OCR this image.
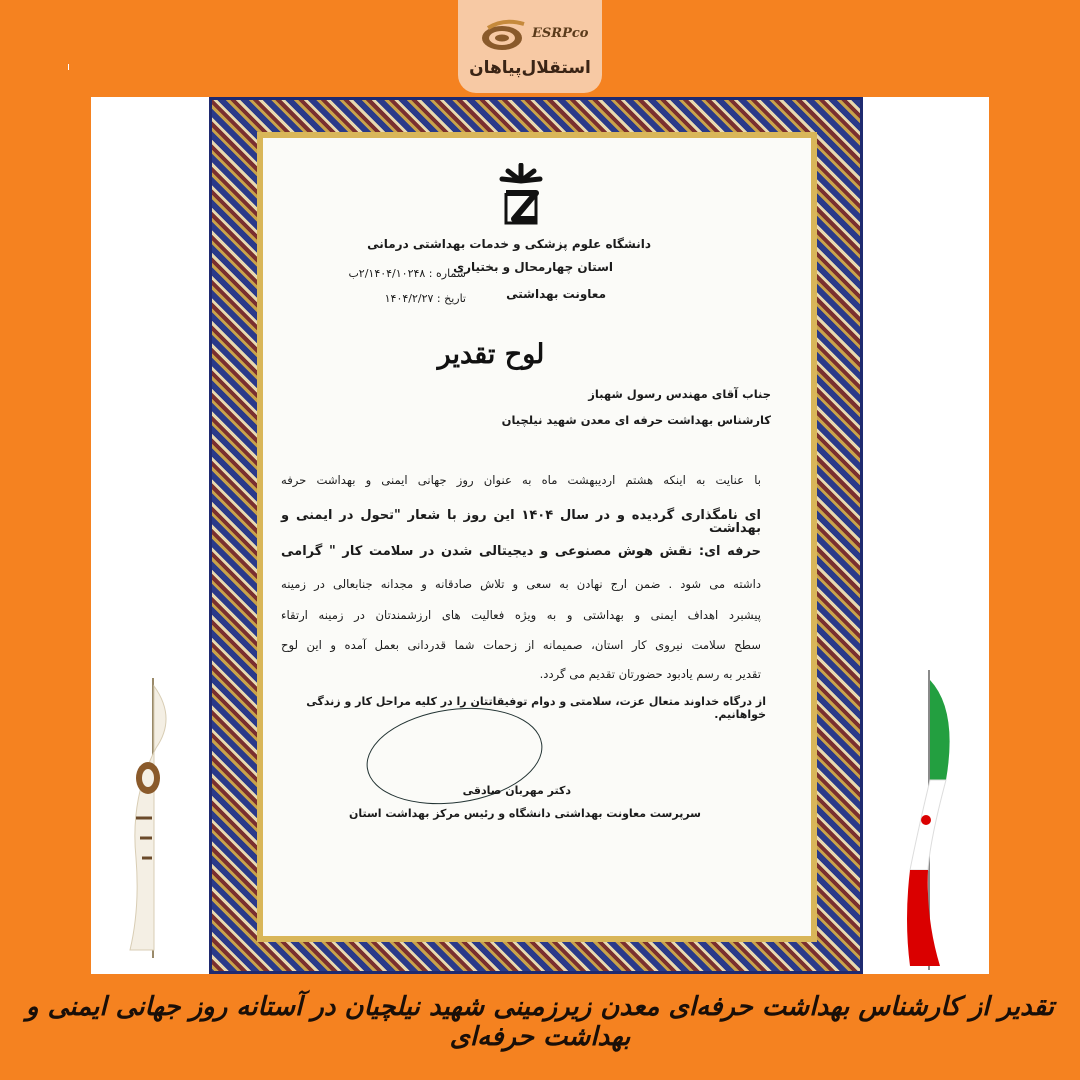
ESRPco
استقلال‌پیاهان
دانشگاه علوم پزشکی و خدمات بهداشتی درمانی
استان چهارمحال و بختیاری
معاونت بهداشتی
شماره : ۲/۱۴۰۴/۱۰۲۴۸ب
تاریخ : ۱۴۰۴/۲/۲۷
لوح تقدیر
جناب آقای مهندس رسول شهباز
کارشناس بهداشت حرفه ای معدن شهید نیلچیان
با عنایت به اینکه هشتم اردیبهشت ماه به عنوان روز جهانی ایمنی و بهداشت حرفه
ای نامگذاری گردیده و در سال ۱۴۰۴ این روز با شعار "تحول در ایمنی و بهداشت
حرفه ای: نقش هوش مصنوعی و دیجیتالی شدن در سلامت کار " گرامی
داشته می شود . ضمن ارج نهادن به سعی و تلاش صادقانه و مجدانه جنابعالی در زمینه
پیشبرد اهداف ایمنی و بهداشتی و به ویژه فعالیت های ارزشمندتان در زمینه ارتقاء
سطح سلامت نیروی کار استان، صمیمانه از زحمات شما قدردانی بعمل آمده و این لوح
تقدیر به رسم یادبود حضورتان تقدیم می گردد.
از درگاه خداوند متعال عزت، سلامتی و دوام توفیقاتتان را در کلیه مراحل کار و زندگی خواهانیم.
دکتر مهربان صادقی
سرپرست معاونت بهداشتی دانشگاه و رئیس مرکز بهداشت استان
تقدیر از کارشناس بهداشت حرفه‌ای معدن زیرزمینی شهید نیلچیان در آستانه روز جهانی ایمنی و بهداشت حرفه‌ای
